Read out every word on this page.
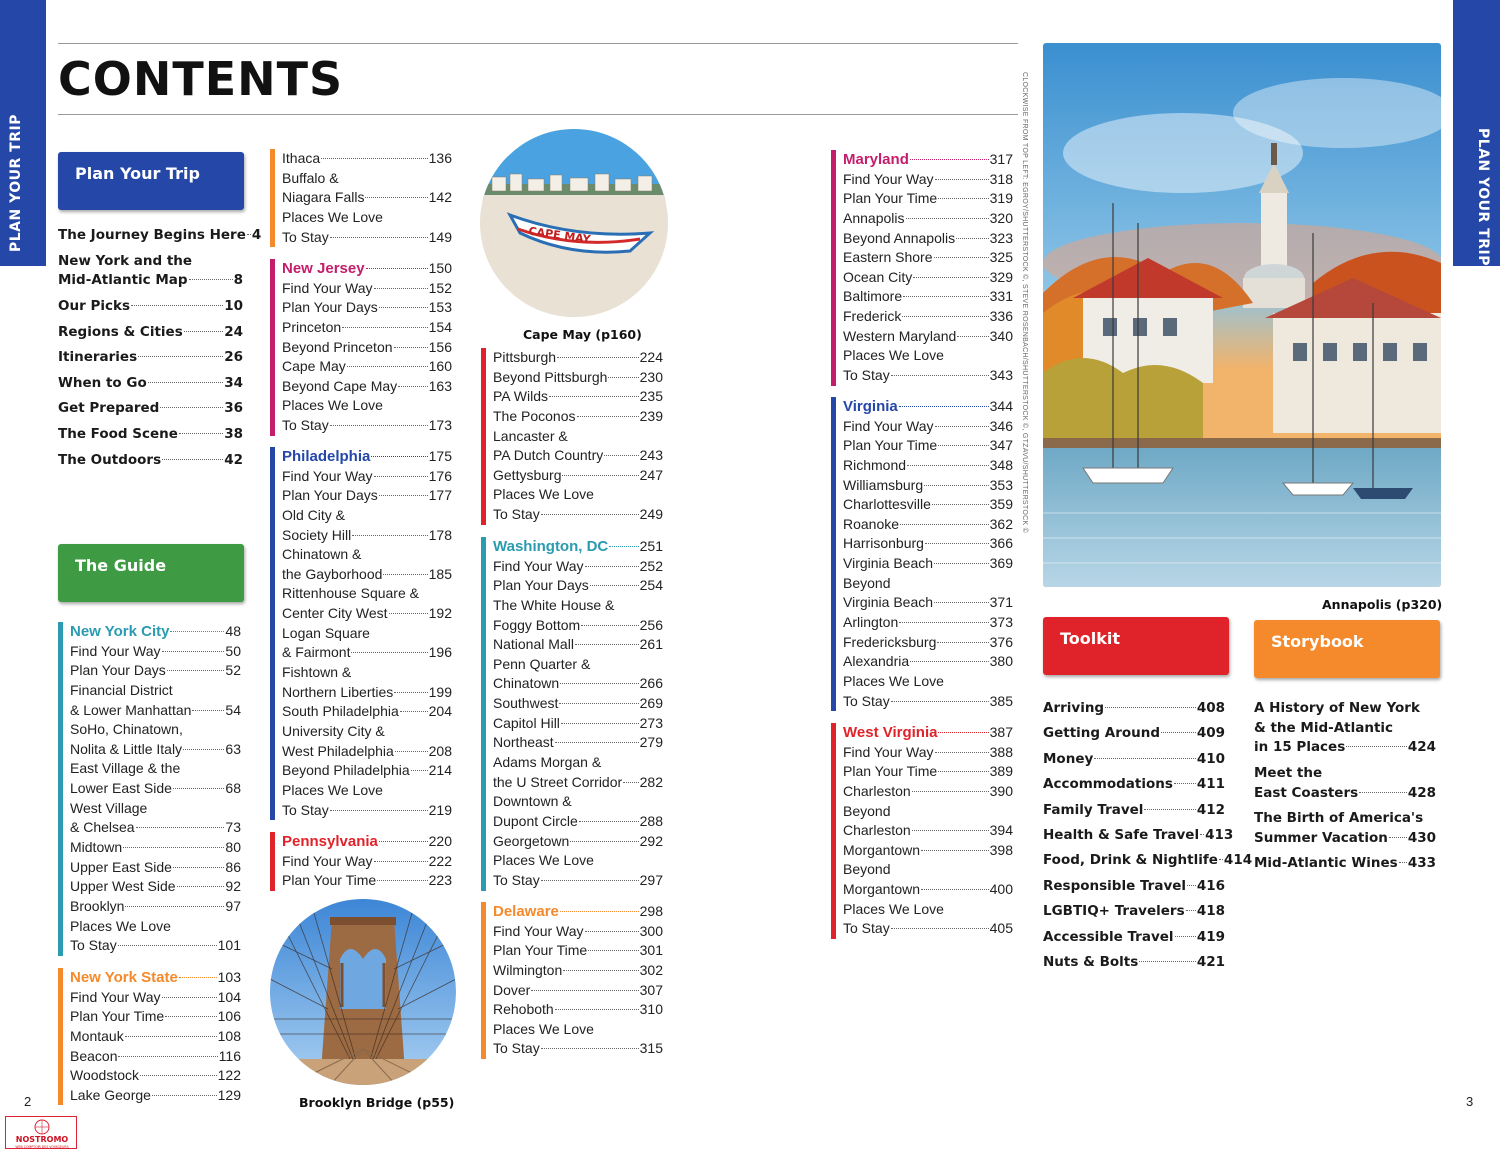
PLAN YOUR TRIP	PLAN YOUR TRIP
CONTENTS
Plan Your Trip
The Journey Begins Here 4
New York and the
Mid-Atlantic Map	8
Our Picks	10
Regions & Cities	24
Itineraries	26
When to Go	34
Get Prepared	36
The Food Scene	38
The Outdoors	42
The Guide
New York City	48
Find Your Way	50
Plan Your Days	52
Financial District
& Lower Manhattan 54
SoHo, Chinatown,
Nolita & Little Italy	63
East Village & the
Lower East Side	68
West Village
& Chelsea	73
Midtown	80
Upper East Side	86
Upper West Side	92
Brooklyn	97
Places We Love
To Stay	101
New York State	103
Find Your Way	104
Plan Your Time	106
Montauk	108
Beacon	116
Woodstock	122
Lake George	129
Ithaca	136
Buffalo &
Niagara Falls	142
Places We Love
To Stay	149
New Jersey	150
Find Your Way	152
Plan Your Days	153
Princeton	154
Beyond Princeton	156
Cape May	160
Beyond Cape May 163
Places We Love
To Stay	173
Philadelphia	175
Find Your Way	176
Plan Your Days	177
Old City &
Society Hill	178
Chinatown &
the Gayborhood	185
Rittenhouse Square &
Center City West	192
Logan Square
& Fairmont	196
Fishtown &
Northern Liberties	199
South Philadelphia 204
University City &
West Philadelphia 208
Beyond Philadelphia 214
Places We Love
To Stay	219
Pennsylvania	220
Find Your Way	222
Plan Your Time	223
Brooklyn Bridge (p55)
CAPE MAY
Cape May (p160)
Pittsburgh	224
Beyond Pittsburgh 230
PA Wilds	235
The Poconos	239
Lancaster &
PA Dutch Country	243
Gettysburg	247
Places We Love
To Stay	249
Washington, DC 251
Find Your Way	252
Plan Your Days	254
The White House &
Foggy Bottom	256
National Mall	261
Penn Quarter &
Chinatown	266
Southwest	269
Capitol Hill	273
Northeast	279
Adams Morgan &
the U Street Corridor 282
Downtown &
Dupont Circle	288
Georgetown	292
Places We Love
To Stay	297
Delaware	298
Find Your Way	300
Plan Your Time	301
Wilmington	302
Dover	307
Rehoboth	310
Places We Love
To Stay	315
Maryland	317
Find Your Way	318
Plan Your Time	319
Annapolis	320
Beyond Annapolis 323
Eastern Shore	325
Ocean City	329
Baltimore	331
Frederick	336
Western Maryland 340
Places We Love
To Stay	343
Virginia	344
Find Your Way	346
Plan Your Time	347
Richmond	348
Williamsburg	353
Charlottesville	359
Roanoke	362
Harrisonburg	366
Virginia Beach	369
Beyond
Virginia Beach	371
Arlington	373
Fredericksburg	376
Alexandria	380
Places We Love
To Stay	385
West Virginia	387
Find Your Way	388
Plan Your Time	389
Charleston	390
Beyond
Charleston	394
Morgantown	398
Beyond
Morgantown	400
Places We Love
To Stay	405
CLOCKWISE FROM TOP LEFT: EGROY/SHUTTERSTOCK ©, STEVE ROSENBACH/SHUTTERSTOCK ©, GTZAVU/SHUTTERSTOCK ©
Annapolis (p320)
Toolkit
Arriving	408
Getting Around	409
Money	410
Accommodations 411
Family Travel	412
Health & Safe Travel 413
Food, Drink & Nightlife 414
Responsible Travel 416
LGBTIQ+ Travelers 418
Accessible Travel 419
Nuts & Bolts	421
Storybook
A History of New York
& the Mid-Atlantic
in 15 Places	424
Meet the
East Coasters	428
The Birth of America's
Summer Vacation 430
Mid-Atlantic Wines 433
2	3
NOSTROMO
WEB COMPTOIR DES VOYAGEURS
